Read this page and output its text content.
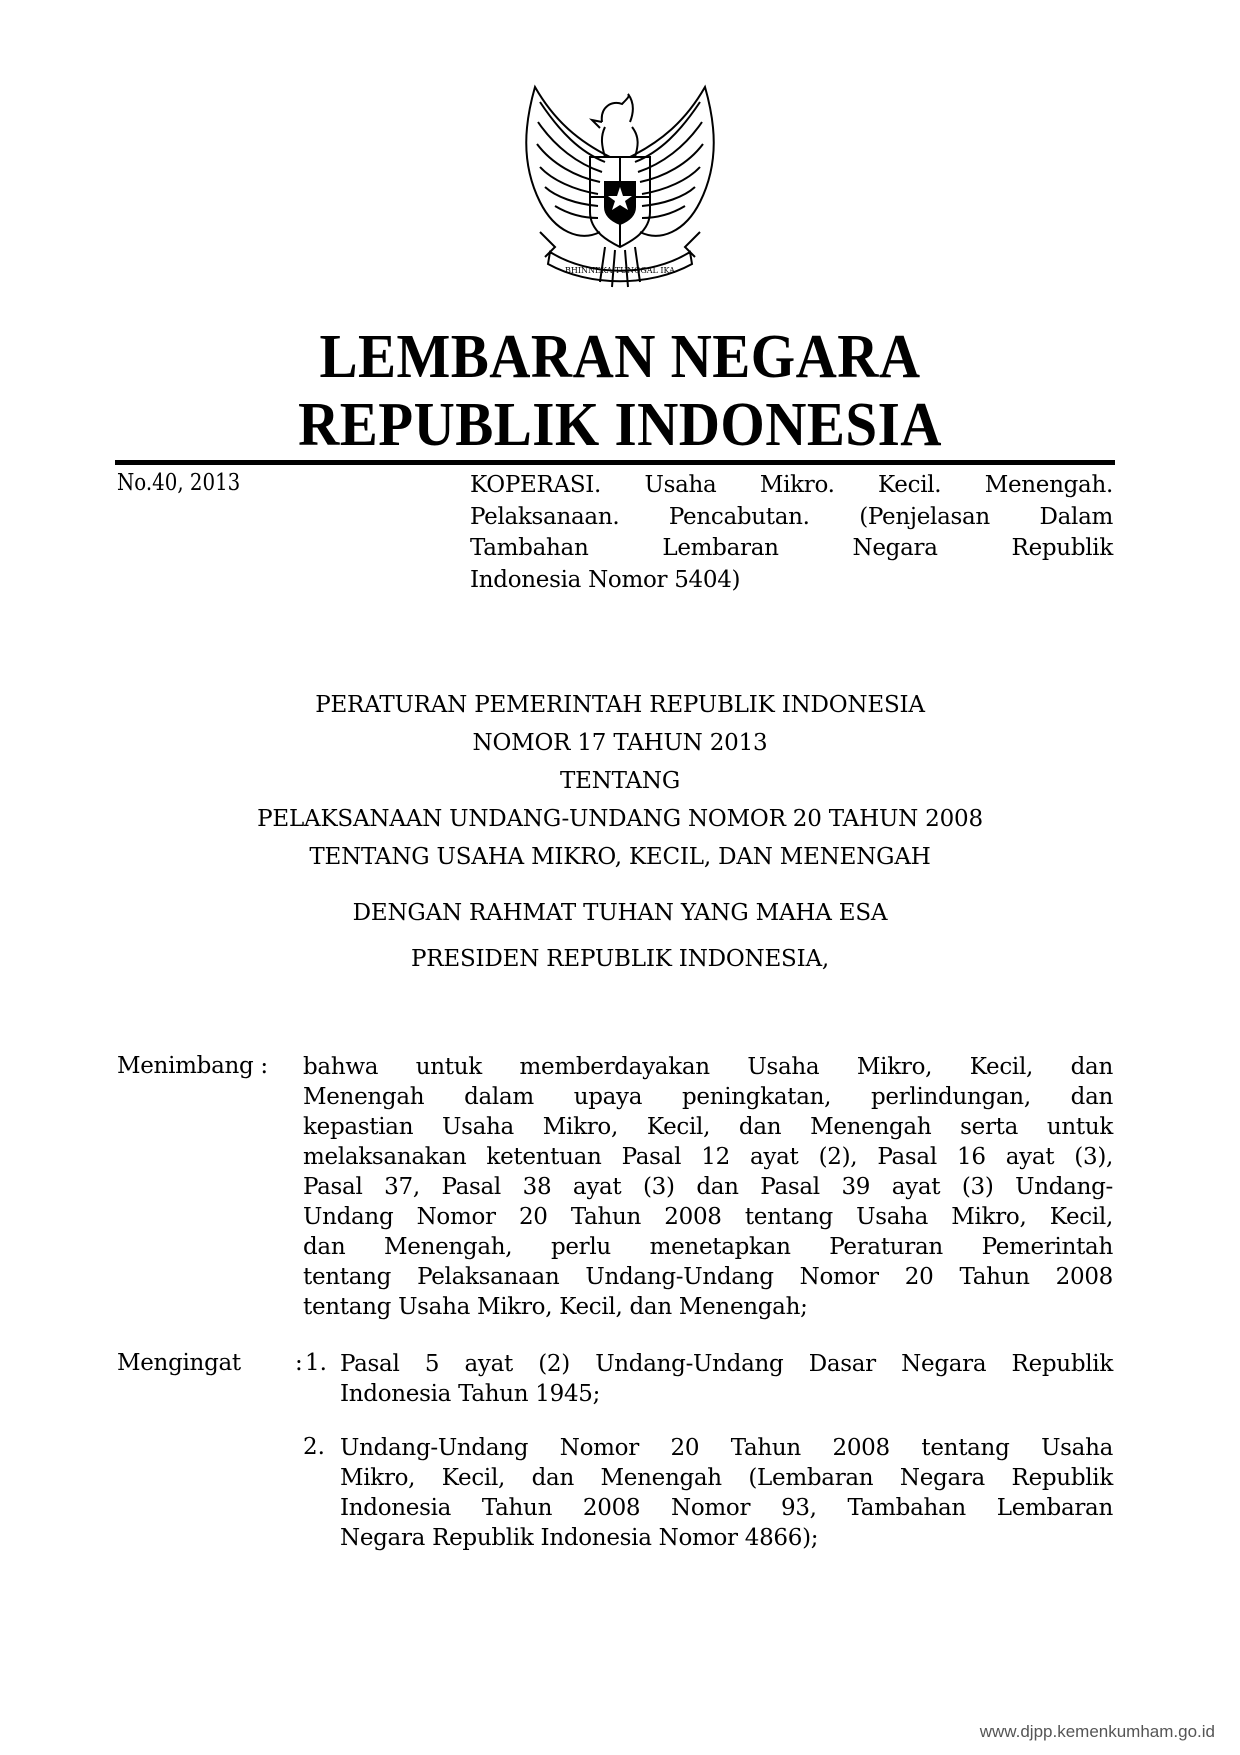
BHINNEKA TUNGGAL IKA
LEMBARAN NEGARA
REPUBLIK INDONESIA
No.40, 2013	KOPERASI. Usaha Mikro. Kecil. Menengah.
Pelaksanaan. Pencabutan. (Penjelasan Dalam
Tambahan Lembaran Negara Republik
Indonesia Nomor 5404)
PERATURAN PEMERINTAH REPUBLIK INDONESIA
NOMOR 17 TAHUN 2013
TENTANG
PELAKSANAAN UNDANG-UNDANG NOMOR 20 TAHUN 2008
TENTANG USAHA MIKRO, KECIL, DAN MENENGAH
DENGAN RAHMAT TUHAN YANG MAHA ESA
PRESIDEN REPUBLIK INDONESIA,
Menimbang : bahwa untuk memberdayakan Usaha Mikro, Kecil, dan
Menengah dalam upaya peningkatan, perlindungan, dan
kepastian Usaha Mikro, Kecil, dan Menengah serta untuk
melaksanakan ketentuan Pasal 12 ayat (2), Pasal 16 ayat (3),
Pasal 37, Pasal 38 ayat (3) dan Pasal 39 ayat (3) Undang-
Undang Nomor 20 Tahun 2008 tentang Usaha Mikro, Kecil,
dan Menengah, perlu menetapkan Peraturan Pemerintah
tentang Pelaksanaan Undang-Undang Nomor 20 Tahun 2008
tentang Usaha Mikro, Kecil, dan Menengah;
Mengingat : 1. Pasal 5 ayat (2) Undang-Undang Dasar Negara Republik
Indonesia Tahun 1945;
2. Undang-Undang Nomor 20 Tahun 2008 tentang Usaha
Mikro, Kecil, dan Menengah (Lembaran Negara Republik
Indonesia Tahun 2008 Nomor 93, Tambahan Lembaran
Negara Republik Indonesia Nomor 4866);
www.djpp.kemenkumham.go.id
